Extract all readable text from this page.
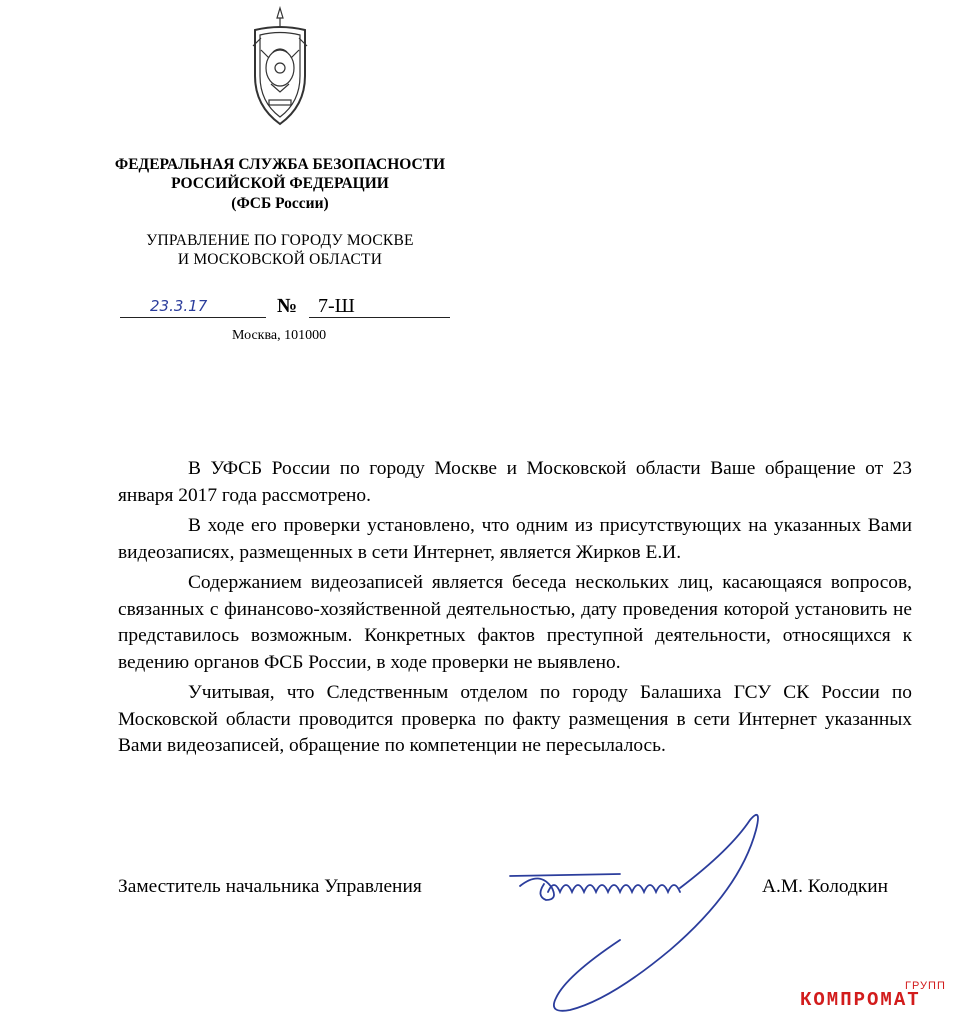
ФЕДЕРАЛЬНАЯ СЛУЖБА БЕЗОПАСНОСТИ
РОССИЙСКОЙ ФЕДЕРАЦИИ
(ФСБ России)
УПРАВЛЕНИЕ ПО ГОРОДУ МОСКВЕ
И МОСКОВСКОЙ ОБЛАСТИ
23.3.17	№ 7-Ш
Москва, 101000

В УФСБ России по городу Москве и Московской области Ваше обращение от 23 января 2017 года рассмотрено.

В ходе его проверки установлено, что одним из присутствующих на указанных Вами видеозаписях, размещенных в сети Интернет, является Жирков Е.И.

Содержанием видеозаписей является беседа нескольких лиц, касающаяся вопросов, связанных с финансово-хозяйственной деятельностью, дату проведения которой установить не представилось возможным. Конкретных фактов преступной деятельности, относящихся к ведению органов ФСБ России, в ходе проверки не выявлено.

Учитывая, что Следственным отделом по городу Балашиха ГСУ СК России по Московской области проводится проверка по факту размещения в сети Интернет указанных Вами видеозаписей, обращение по компетенции не пересылалось.

Заместитель начальника Управления	А.М. Колодкин
ГРУПП
КОМПРОМАТ
